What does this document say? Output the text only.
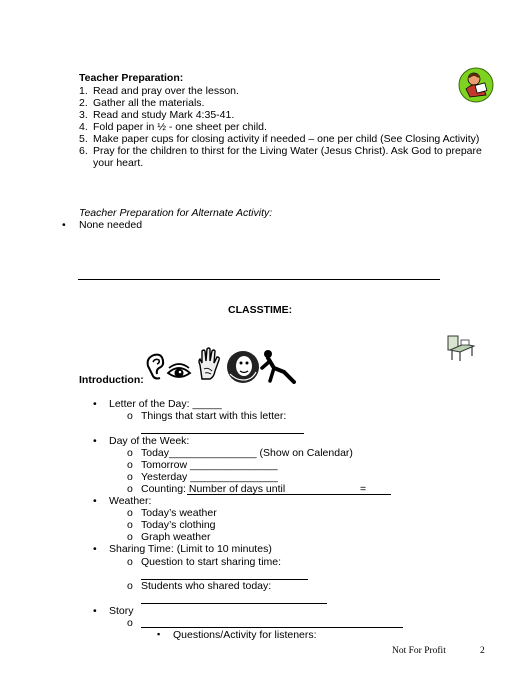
Teacher Preparation:
1. Read and pray over the lesson.
2. Gather all the materials.
3. Read and study Mark 4:35-41.
4. Fold paper in ½ - one sheet per child.
5. Make paper cups for closing activity if needed – one per child (See Closing Activity)
6. Pray for the children to thirst for the Living Water (Jesus Christ). Ask God to prepare
your heart.
Teacher Preparation for Alternate Activity:
• None needed
CLASSTIME:
Introduction:
• Letter of the Day: _____
o Things that start with this letter:
• Day of the Week:
o Today_______________ (Show on Calendar)
o Tomorrow _______________
o Yesterday _______________
o Counting: Number of days until	=
• Weather:
o Today’s weather
o Today’s clothing
o Graph weather
• Sharing Time: (Limit to 10 minutes)
o Question to start sharing time:
o Students who shared today:
• Story
o
▪ Questions/Activity for listeners:
Not For Profit	2
